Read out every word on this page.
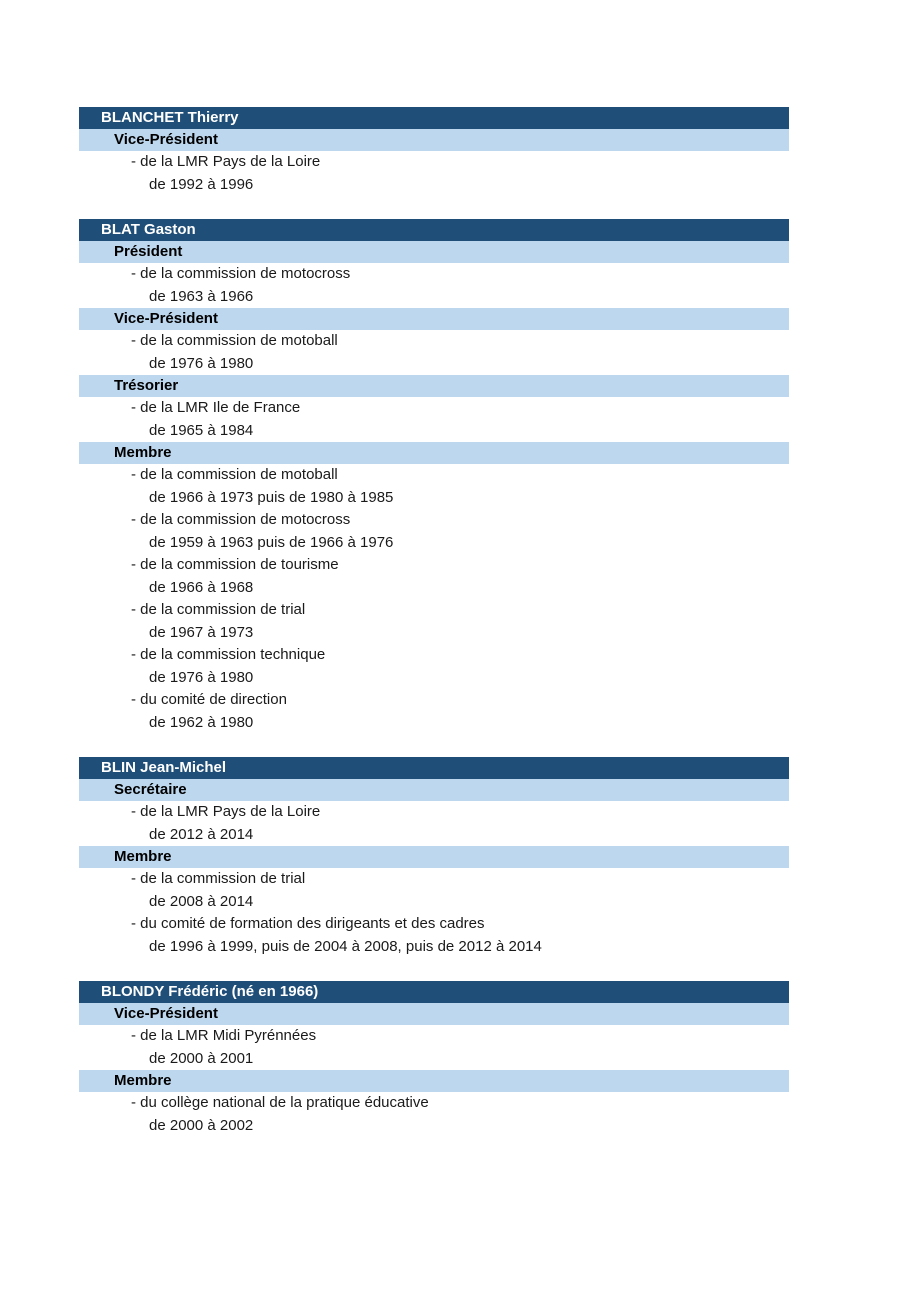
BLANCHET Thierry
Vice-Président
- de la LMR Pays de la Loire
de 1992 à 1996
BLAT Gaston
Président
- de la commission de motocross
de 1963 à 1966
Vice-Président
- de la commission de motoball
de 1976 à 1980
Trésorier
- de la LMR Ile de France
de 1965 à 1984
Membre
- de la commission de motoball
de 1966 à 1973 puis de 1980 à 1985
- de la commission de motocross
de 1959 à 1963 puis de 1966 à 1976
- de la commission de tourisme
de 1966 à 1968
- de la commission de trial
de 1967 à 1973
- de la commission technique
de 1976 à 1980
- du comité de direction
de 1962 à 1980
BLIN Jean-Michel
Secrétaire
- de la LMR Pays de la Loire
de 2012 à 2014
Membre
- de la commission de trial
de 2008 à 2014
- du comité de formation des dirigeants et des cadres
de 1996 à 1999, puis de 2004 à 2008, puis de 2012 à 2014
BLONDY Frédéric (né en 1966)
Vice-Président
- de la LMR Midi Pyrénnées
de 2000 à 2001
Membre
- du collège national de la pratique éducative
de 2000 à 2002
